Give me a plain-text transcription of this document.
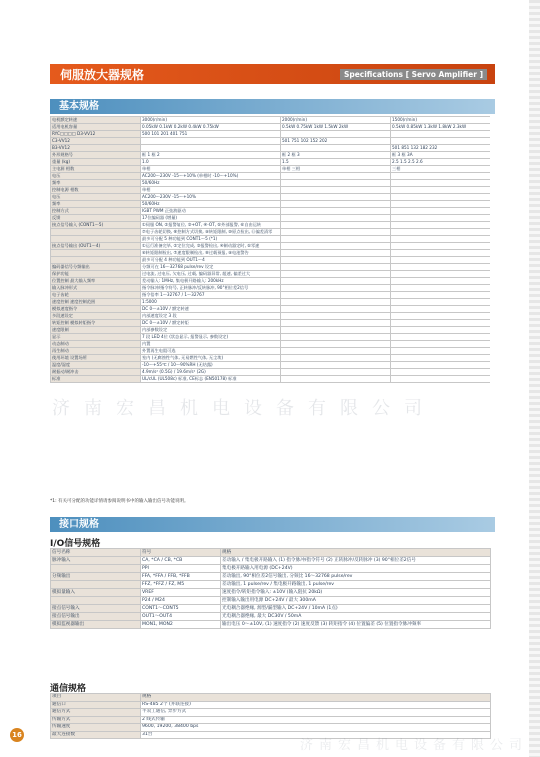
伺服放大器规格	Specifications [ Servo Amplifier ]
基本规格
电机额定转速	3000(r/min)	2000(r/min)	1500(r/min)
适用电机容量	0.05kW 0.1kW 0.2kW 0.4kW 0.75kW	0.5kW 0.75kW 1kW 1.5kW 2kW	0.5kW 0.85kW 1.3kW 1.8kW 2.3kW
RYC□□□□ D3-VV12	500 101 201 401 751		
C3-VV12		501 751 102 152 202	
B3-VV12			501 851 132 182 232
外形规格号	框 1 框 2	框 2 框 3	框 3 框 3A
重量 (kg)	1.0	1.5	2.5 1.5 2.5 2.6
主电源 相数	单相	单相 三相	三相
电压	AC200～230V -15～+10% (单相时 -10～+10%)		
频率	50/60Hz		
控制电源 相数	单相		
电压	AC200～230V -15～+10%		
频率	50/60Hz		
控制方式	IGBT PWM 正弦波驱动		
反馈	17位编码器 (增量)		
接点信号输入 (CONT1～5)	①伺服 ON, ②报警复位, ③+OT, ④-OT, ⑤外部报警, ⑥自由运转		
	⑦电子齿轮切换, ⑧控制方式切换, ⑨转矩限制, ⑩原点检出, ⑪偏差清零		
	最多可分配 5 种功能到 CONT1～5 (*1)		
接点信号输出 (OUT1～4)	①运行准备完毕, ②定位完成, ③报警检出, ④制动器定时, ⑤零速		
	⑥转矩限制检出, ⑦速度限制检出, ⑧过载预报, ⑨电池警告		
	最多可分配 4 种功能到 OUT1～4		
编码器信号分频输出	分频可在 16～32768 pulse/rev 设定		
保护功能	过电流, 过电压, 欠电压, 过载, 编码器异常, 超速, 偏差过大		
位置控制 最大输入频率	差动输入: 1MHz, 集电极开路输入: 200kHz		
输入脉冲形式	指令脉冲/指令符号, 正转脉冲/反转脉冲, 90°相位差2信号		
电子齿轮	指令倍率 1～32767 / 1～32767		
速度控制 速度控制范围	1:5000		
模拟速度指令	DC 0～±10V / 额定转速		
多段速设定	内部速度设定 3 段		
转矩控制 模拟转矩指令	DC 0～±10V / 额定转矩		
速度限制	内部参数设定		
显示	7 段 LED 4位 (状态显示, 报警显示, 参数设定)		
动态制动	内置		
再生制动	外置再生电阻可选		
使用环境 设置场所	室内 (无腐蚀性气体, 无易燃性气体, 无尘埃)		
温度/湿度	-10～+55℃ / 10～90%RH (无结露)		
耐振动/耐冲击	4.9m/s² (0.5G) / 19.6m/s² (2G)		
标准	UL/cUL (UL508c) 标准, CE标志 (EN50178) 标准		
*1: 有关可分配的功能详情请参阅说明书中的输入输出信号功能说明。
济南宏昌机电设备有限公司
接口规格
I/O信号规格
信号名称	符号	规格
脉冲输入	CA, *CA / CB, *CB	差动输入 / 集电极开路输入 (1) 指令脉冲/指令符号 (2) 正转脉冲/反转脉冲 (3) 90°相位差2信号
	PPI	集电极开路输入用电源 (DC+24V)
分频输出	FFA, *FFA / FFB, *FFB	差动输出, 90°相位差2信号输出, 分频比 16～32768 pulse/rev
	FFZ, *FFZ / FZ, M5	差动输出, 1 pulse/rev / 集电极开路输出, 1 pulse/rev
模拟量输入	VREF	速度指令/转矩指令输入: ±10V (输入阻抗 20kΩ)
	P24 / M24	控制输入输出用电源 DC+24V / 最大 300mA
接点信号输入	CONT1～CONT5	光电耦合器绝缘, 源型/漏型输入 DC+24V / 10mA (1点)
接点信号输出	OUT1～OUT4	光电耦合器绝缘, 最大 DC30V / 50mA
模拟监视器输出	MON1, MON2	输出电压 0～±10V, (1) 速度指令 (2) 速度反馈 (3) 转矩指令 (4) 位置偏差 (5) 位置指令脉冲频率
通信规格
项目	规格
通信口	RS-485 2个 (并联连接)
通信方式	半双工通信, 异步方式
传输方式	2 线式传输
传输速度	9600, 19200, 38400 bps
最大连接数	31台
济南宏昌机电设备有限公司
16
